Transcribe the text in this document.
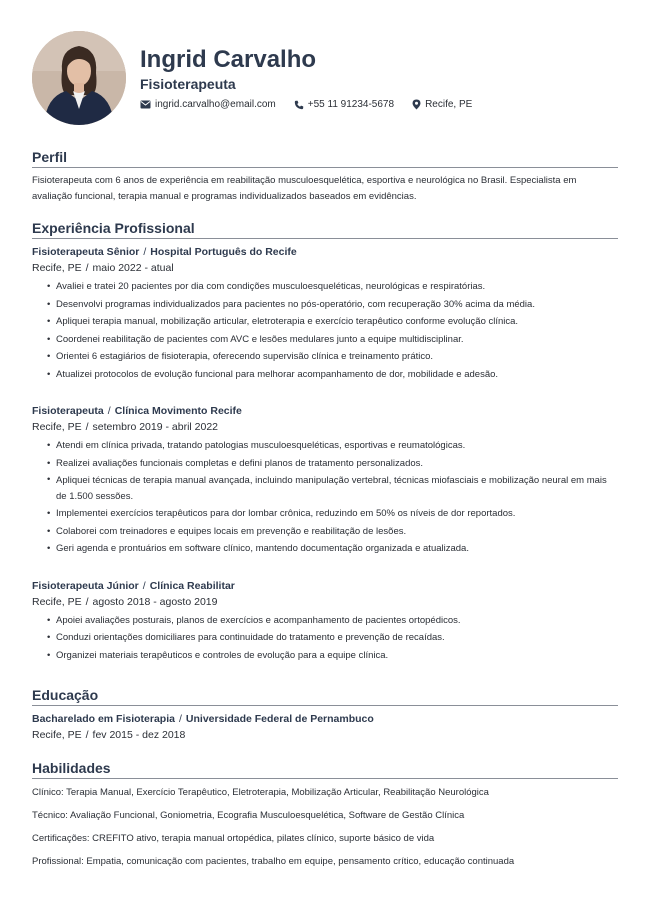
Ingrid Carvalho
Fisioterapeuta
ingrid.carvalho@email.com	+55 11 91234-5678	Recife, PE
Perfil
Fisioterapeuta com 6 anos de experiência em reabilitação musculoesquelética, esportiva e neurológica no Brasil. Especialista em avaliação funcional, terapia manual e programas individualizados baseados em evidências.
Experiência Profissional
Fisioterapeuta Sênior / Hospital Português do Recife
Recife, PE / maio 2022 - atual
• Avaliei e tratei 20 pacientes por dia com condições musculoesqueléticas, neurológicas e respiratórias.
• Desenvolvi programas individualizados para pacientes no pós-operatório, com recuperação 30% acima da média.
• Apliquei terapia manual, mobilização articular, eletroterapia e exercício terapêutico conforme evolução clínica.
• Coordenei reabilitação de pacientes com AVC e lesões medulares junto a equipe multidisciplinar.
• Orientei 6 estagiários de fisioterapia, oferecendo supervisão clínica e treinamento prático.
• Atualizei protocolos de evolução funcional para melhorar acompanhamento de dor, mobilidade e adesão.
Fisioterapeuta / Clínica Movimento Recife
Recife, PE / setembro 2019 - abril 2022
• Atendi em clínica privada, tratando patologias musculoesqueléticas, esportivas e reumatológicas.
• Realizei avaliações funcionais completas e defini planos de tratamento personalizados.
• Apliquei técnicas de terapia manual avançada, incluindo manipulação vertebral, técnicas miofasciais e mobilização neural em mais de 1.500 sessões.
• Implementei exercícios terapêuticos para dor lombar crônica, reduzindo em 50% os níveis de dor reportados.
• Colaborei com treinadores e equipes locais em prevenção e reabilitação de lesões.
• Geri agenda e prontuários em software clínico, mantendo documentação organizada e atualizada.
Fisioterapeuta Júnior / Clínica Reabilitar
Recife, PE / agosto 2018 - agosto 2019
• Apoiei avaliações posturais, planos de exercícios e acompanhamento de pacientes ortopédicos.
• Conduzi orientações domiciliares para continuidade do tratamento e prevenção de recaídas.
• Organizei materiais terapêuticos e controles de evolução para a equipe clínica.
Educação
Bacharelado em Fisioterapia / Universidade Federal de Pernambuco
Recife, PE / fev 2015 - dez 2018
Habilidades
Clínico: Terapia Manual, Exercício Terapêutico, Eletroterapia, Mobilização Articular, Reabilitação Neurológica
Técnico: Avaliação Funcional, Goniometria, Ecografia Musculoesquelética, Software de Gestão Clínica
Certificações: CREFITO ativo, terapia manual ortopédica, pilates clínico, suporte básico de vida
Profissional: Empatia, comunicação com pacientes, trabalho em equipe, pensamento crítico, educação continuada
